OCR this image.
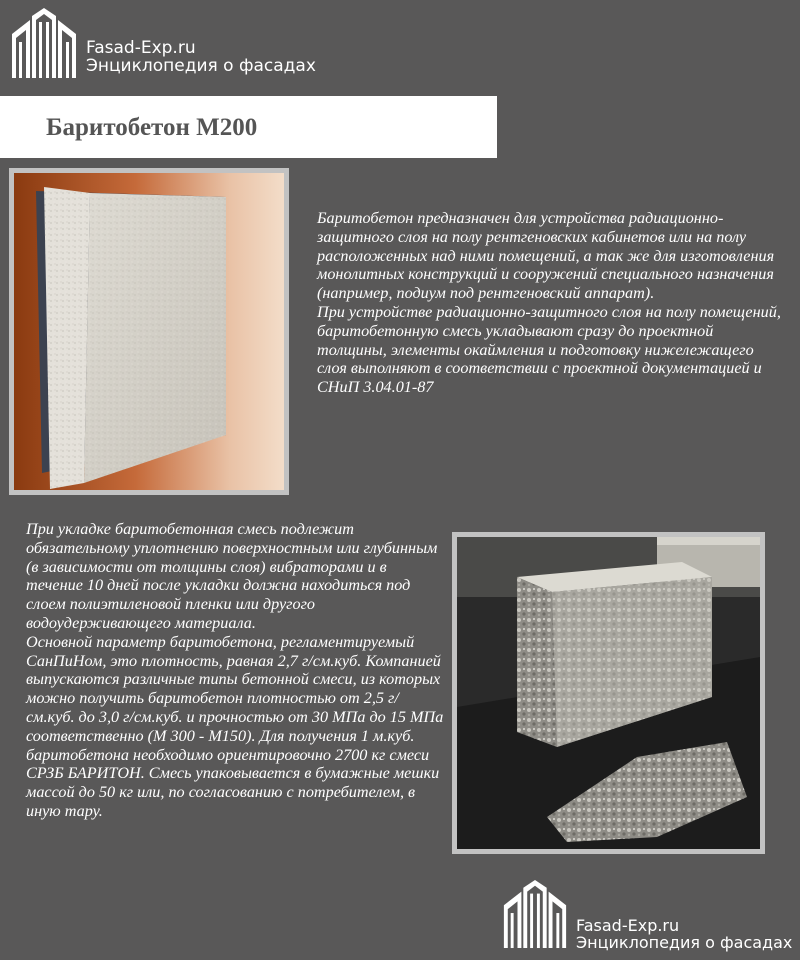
Fasad-Exp.ru
Энциклопедия о фасадах
Баритобетон М200
Баритобетон предназначен для устройства радиационно-защитного слоя на полу рентгеновских кабинетов или на полу расположенных над ними помещений, а так же для изготовления монолитных конструкций и сооружений специального назначения (например, подиум под рентгеновский аппарат).
При устройстве радиационно-защитного слоя на полу помещений, баритобетонную смесь укладывают сразу до проектной толщины, элементы окаймления и подготовку нижележащего слоя выполняют в соответствии с проектной документацией и СНиП 3.04.01-87
При укладке баритобетонная смесь подлежит обязательному уплотнению поверхностным или глубинным (в зависимости от толщины слоя) вибраторами и в течение 10 дней после укладки должна находиться под слоем полиэтиленовой пленки или другого водоудерживающего материала.
Основной параметр баритобетона, регламентируемый СанПиНом, это плотность, равная 2,7 г/см.куб. Компанией выпускаются различные типы бетонной смеси, из которых можно получить баритобетон плотностью от 2,5 г/см.куб. до 3,0 г/см.куб. и прочностью от 30 МПа до 15 МПа соответственно (М 300 - М150). Для получения 1 м.куб. баритобетона необходимо ориентировочно 2700 кг смеси СРЗБ БАРИТОН. Смесь упаковывается в бумажные мешки массой до 50 кг или, по согласованию с потребителем, в иную тару.
Fasad-Exp.ru
Энциклопедия о фасадах
